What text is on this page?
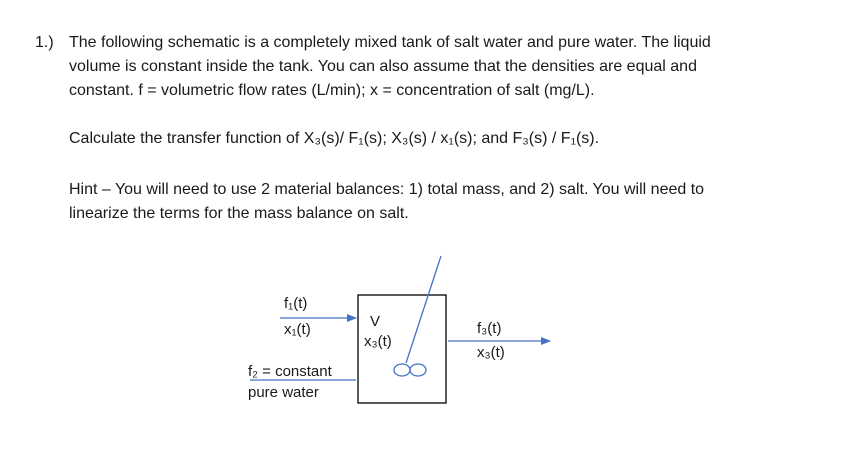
1.) The following schematic is a completely mixed tank of salt water and pure water. The liquid
volume is constant inside the tank. You can also assume that the densities are equal and
constant. f = volumetric flow rates (L/min); x = concentration of salt (mg/L).

Calculate the transfer function of X₃(s)/ F₁(s); X₃(s) / x₁(s); and F₃(s) / F₁(s).

Hint – You will need to use 2 material balances: 1) total mass, and 2) salt. You will need to
linearize the terms for the mass balance on salt.

f₁(t)
x₁(t)
f₂ = constant
pure water
V
x₃(t)
f₃(t)
x₃(t)
